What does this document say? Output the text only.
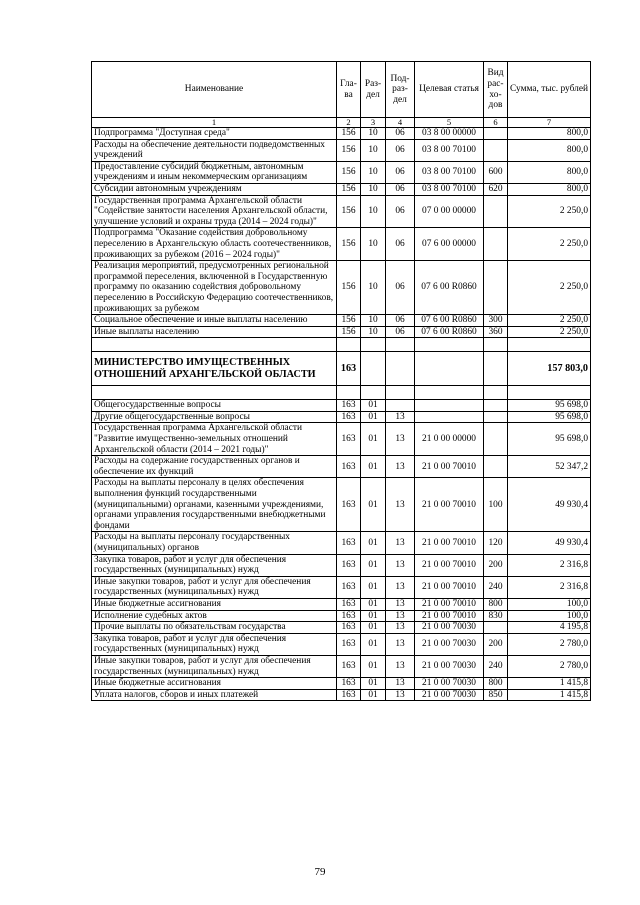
Наименование	Гла-ва	Раз-дел	Под-раз-дел	Целевая статья	Вид рас-хо-дов	Сумма, тыс. рублей
1	2	3	4	5	6	7
Подпрограмма "Доступная среда"	156	10	06	03 8 00 00000		800,0
Расходы на обеспечение деятельности подведомственных учреждений	156	10	06	03 8 00 70100		800,0
Предоставление субсидий бюджетным, автономным учреждениям и иным некоммерческим организациям	156	10	06	03 8 00 70100	600	800,0
Субсидии автономным учреждениям	156	10	06	03 8 00 70100	620	800,0
Государственная программа Архангельской области "Содействие занятости населения Архангельской области, улучшение условий и охраны труда (2014 – 2024 годы)"	156	10	06	07 0 00 00000		2 250,0
Подпрограмма "Оказание содействия добровольному переселению в Архангельскую область соотечественников, проживающих за рубежом (2016 – 2024 годы)"	156	10	06	07 6 00 00000		2 250,0
Реализация мероприятий, предусмотренных региональной программой переселения, включенной в Государственную программу по оказанию содействия добровольному переселению в Российскую Федерацию соотечественников, проживающих за рубежом	156	10	06	07 6 00 R0860		2 250,0
Социальное обеспечение и иные выплаты населению	156	10	06	07 6 00 R0860	300	2 250,0
Иные выплаты населению	156	10	06	07 6 00 R0860	360	2 250,0

МИНИСТЕРСТВО ИМУЩЕСТВЕННЫХ ОТНОШЕНИЙ АРХАНГЕЛЬСКОЙ ОБЛАСТИ	163					157 803,0

Общегосударственные вопросы	163	01				95 698,0
Другие общегосударственные вопросы	163	01	13			95 698,0
Государственная программа Архангельской области "Развитие имущественно-земельных отношений Архангельской области (2014 – 2021 годы)"	163	01	13	21 0 00 00000		95 698,0
Расходы на содержание государственных органов и обеспечение их функций	163	01	13	21 0 00 70010		52 347,2
Расходы на выплаты персоналу в целях обеспечения выполнения функций государственными (муниципальными) органами, казенными учреждениями, органами управления государственными внебюджетными фондами	163	01	13	21 0 00 70010	100	49 930,4
Расходы на выплаты персоналу государственных (муниципальных) органов	163	01	13	21 0 00 70010	120	49 930,4
Закупка товаров, работ и услуг для обеспечения государственных (муниципальных) нужд	163	01	13	21 0 00 70010	200	2 316,8
Иные закупки товаров, работ и услуг для обеспечения государственных (муниципальных) нужд	163	01	13	21 0 00 70010	240	2 316,8
Иные бюджетные ассигнования	163	01	13	21 0 00 70010	800	100,0
Исполнение судебных актов	163	01	13	21 0 00 70010	830	100,0
Прочие выплаты по обязательствам государства	163	01	13	21 0 00 70030		4 195,8
Закупка товаров, работ и услуг для обеспечения государственных (муниципальных) нужд	163	01	13	21 0 00 70030	200	2 780,0
Иные закупки товаров, работ и услуг для обеспечения государственных (муниципальных) нужд	163	01	13	21 0 00 70030	240	2 780,0
Иные бюджетные ассигнования	163	01	13	21 0 00 70030	800	1 415,8
Уплата налогов, сборов и иных платежей	163	01	13	21 0 00 70030	850	1 415,8
79
